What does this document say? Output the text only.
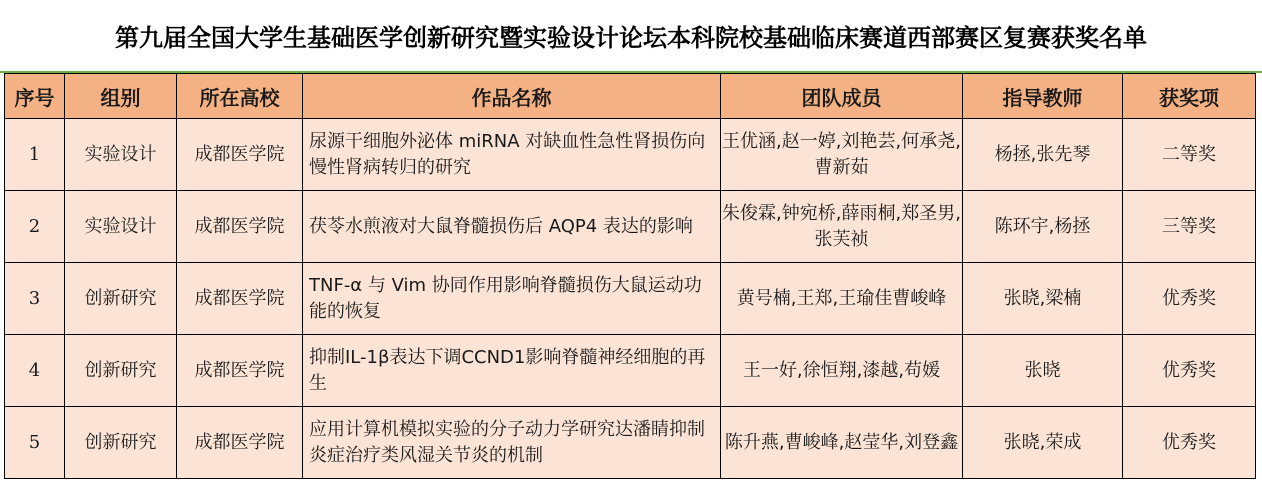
第九届全国大学生基础医学创新研究暨实验设计论坛本科院校基础临床赛道西部赛区复赛获奖名单
序号	组别	所在高校	作品名称	团队成员	指导教师	获奖项
1	实验设计	成都医学院	尿源干细胞外泌体 miRNA 对缺血性急性肾损伤向慢性肾病转归的研究	王优涵,赵一婷,刘艳芸,何承尧,曹新茹	杨拯,张先琴	二等奖
2	实验设计	成都医学院	茯苓水煎液对大鼠脊髓损伤后 AQP4 表达的影响	朱俊霖,钟宛桥,薛雨桐,郑圣男,张芙祯	陈环宇,杨拯	三等奖
3	创新研究	成都医学院	TNF-α 与 Vim 协同作用影响脊髓损伤大鼠运动功能的恢复	黄号楠,王郑,王瑜佳曹峻峰	张晓,梁楠	优秀奖
4	创新研究	成都医学院	抑制IL-1β表达下调CCND1影响脊髓神经细胞的再生	王一好,徐恒翔,漆越,苟媛	张晓	优秀奖
5	创新研究	成都医学院	应用计算机模拟实验的分子动力学研究达潘睛抑制炎症治疗类风湿关节炎的机制	陈升燕,曹峻峰,赵莹华,刘登鑫	张晓,荣成	优秀奖
